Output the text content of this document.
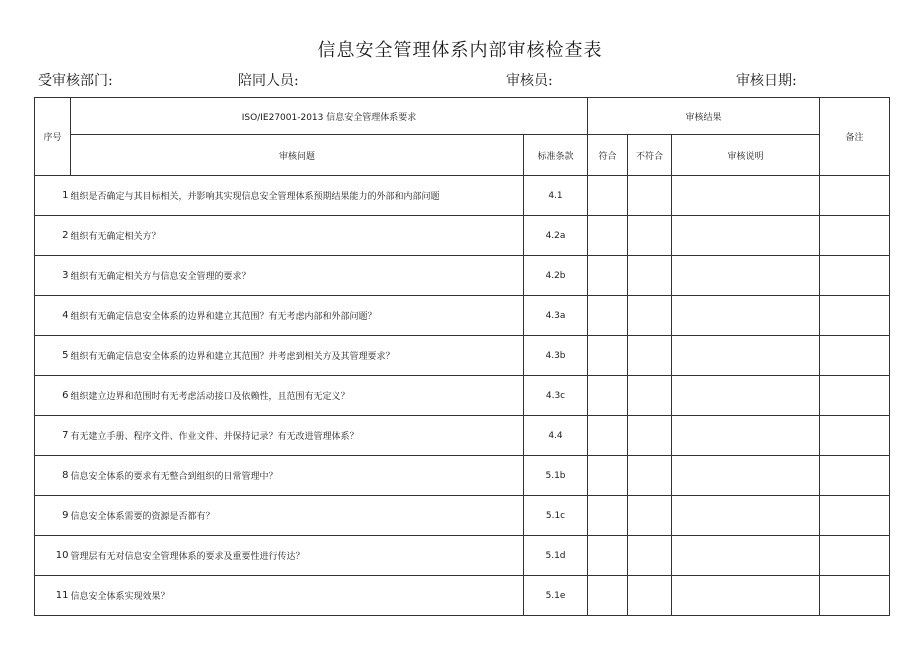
信息安全管理体系内部审核检查表
受审核部门:	陪同人员:	审核员:	审核日期:
序号	ISO/IE27001-2013 信息安全管理体系要求		审核结果			备注
	审核问题	标准条款	符合	不符合	审核说明	
1	组织是否确定与其目标相关，并影响其实现信息安全管理体系预期结果能力的外部和内部问题	4.1				
2	组织有无确定相关方？	4.2a				
3	组织有无确定相关方与信息安全管理的要求？	4.2b				
4	组织有无确定信息安全体系的边界和建立其范围？有无考虑内部和外部问题？	4.3a				
5	组织有无确定信息安全体系的边界和建立其范围？并考虑到相关方及其管理要求？	4.3b				
6	组织建立边界和范围时有无考虑活动接口及依赖性，且范围有无定义？	4.3c				
7	有无建立手册、程序文件、作业文件、并保持记录？有无改进管理体系？	4.4				
8	信息安全体系的要求有无整合到组织的日常管理中？	5.1b				
9	信息安全体系需要的资源是否都有？	5.1c				
10	管理层有无对信息安全管理体系的要求及重要性进行传达？	5.1d				
11	信息安全体系实现效果？	5.1e				
